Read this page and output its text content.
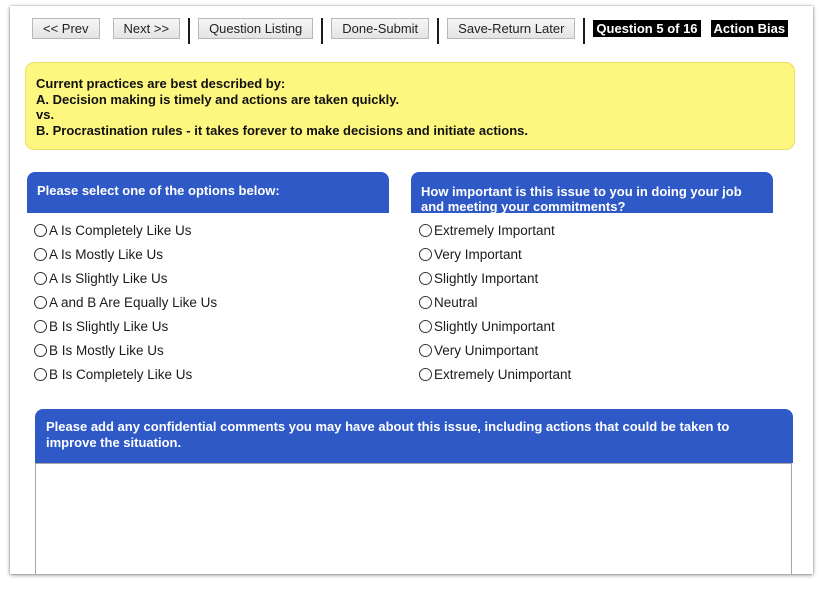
<< Prev	Next >>	Question Listing	Done-Submit	Save-Return Later	Question 5 of 16 Action Bias
Current practices are best described by:
A. Decision making is timely and actions are taken quickly.
vs.
B. Procrastination rules - it takes forever to make decisions and initiate actions.
Please select one of the options below:
A Is Completely Like Us
A Is Mostly Like Us
A Is Slightly Like Us
A and B Are Equally Like Us
B Is Slightly Like Us
B Is Mostly Like Us
B Is Completely Like Us
How important is this issue to you in doing your job and meeting your commitments?
Extremely Important
Very Important
Slightly Important
Neutral
Slightly Unimportant
Very Unimportant
Extremely Unimportant
Please add any confidential comments you may have about this issue, including actions that could be taken to improve the situation.
